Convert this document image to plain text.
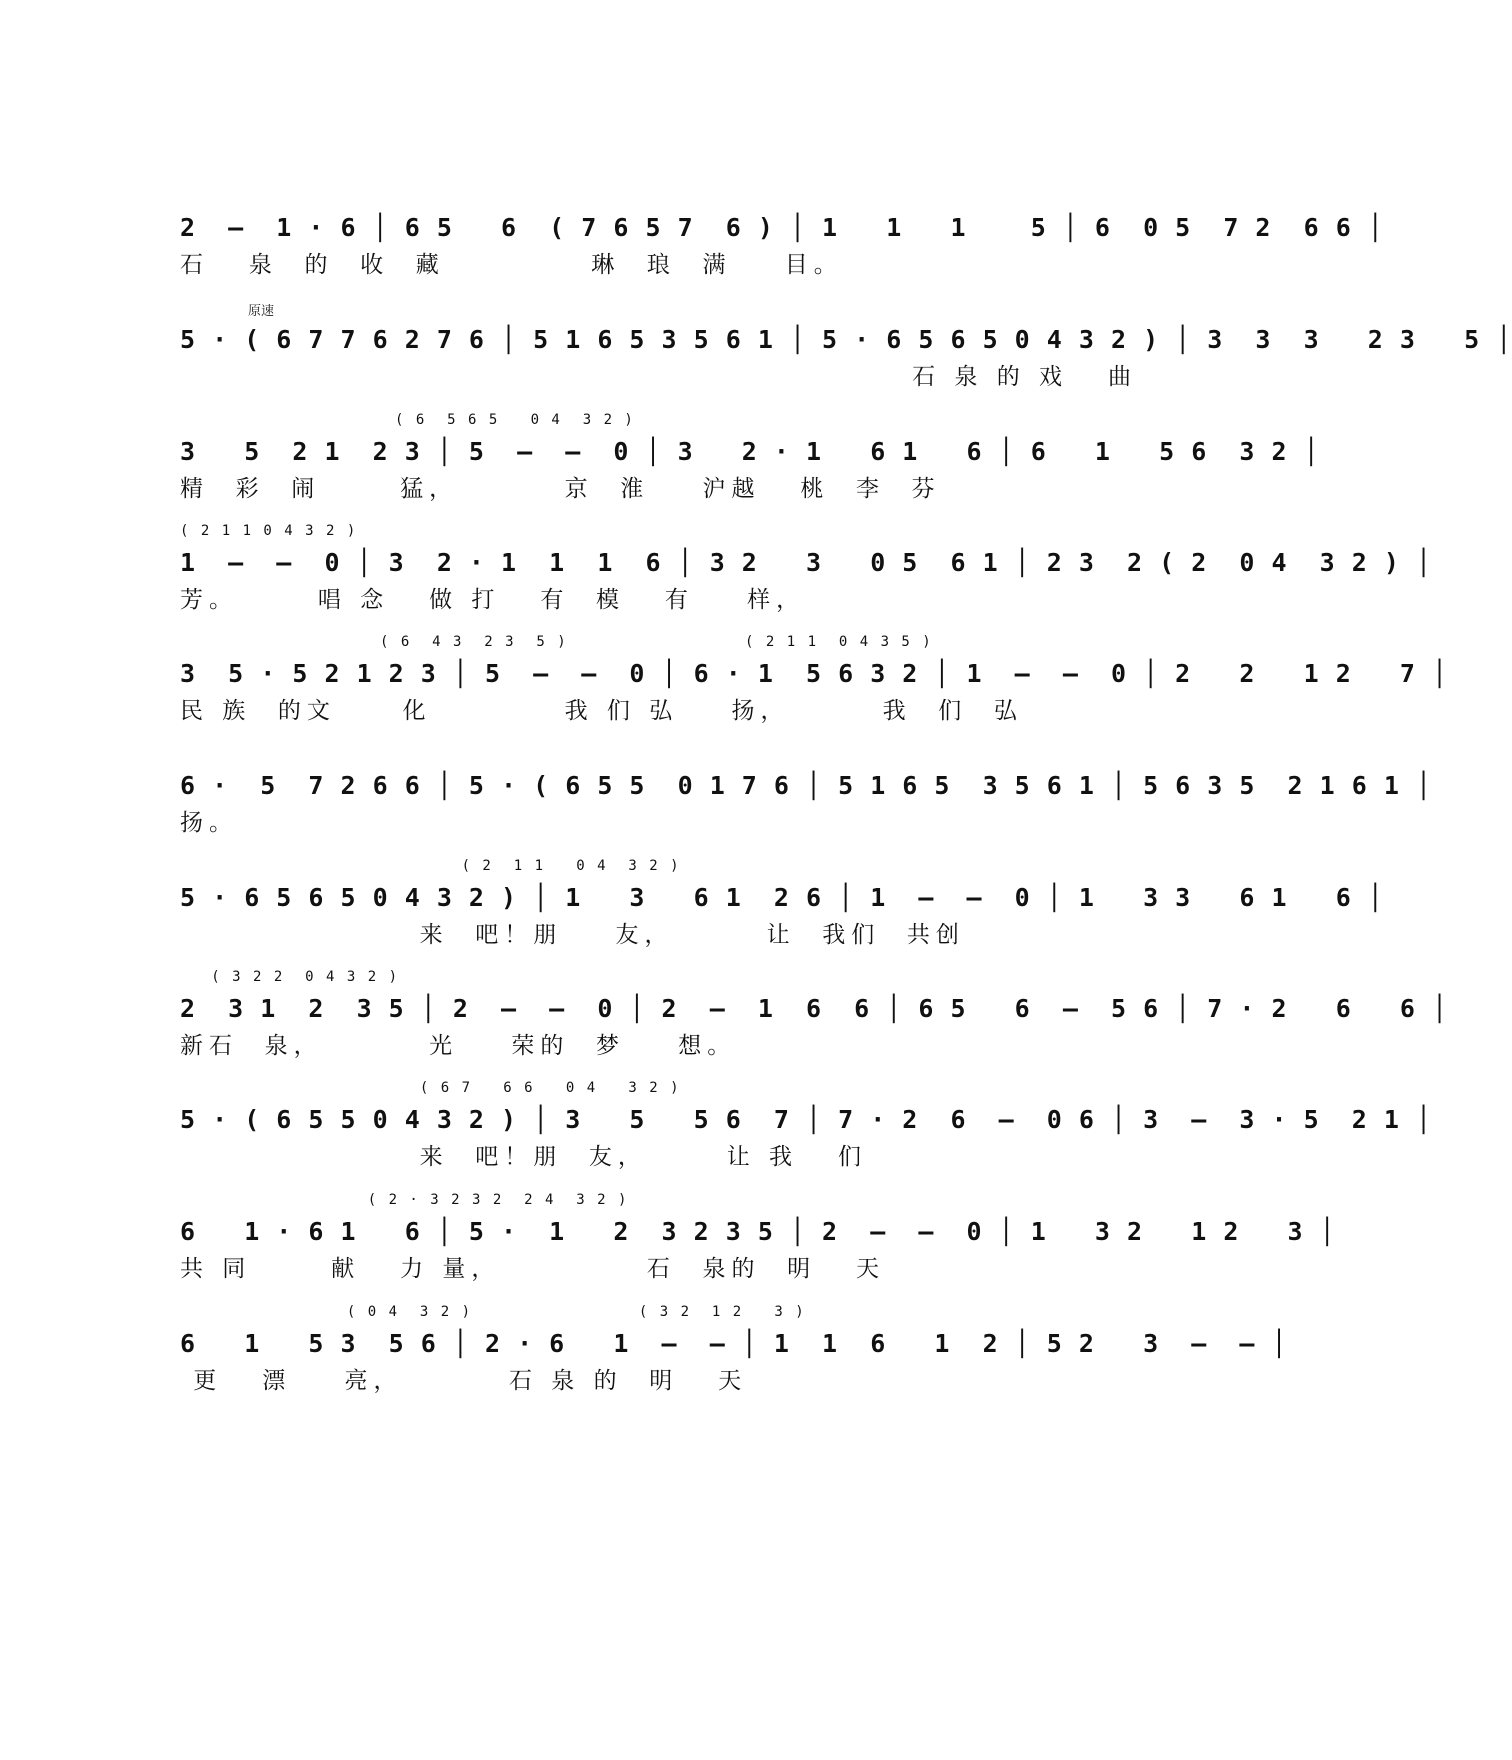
2  –  1 · 6 │ 6 5   6  ( 7 6 5 7  6 ) │ 1   1   1    5 │ 6  0 5  7 2  6 6 │
石   泉  的  收  藏           琳  琅  满    目。
原速
5 · ( 6 7 7 6 2 7 6 │ 5 1 6 5 3 5 6 1 │ 5 · 6 5 6 5 0 4 3 2 ) │ 3  3  3   2 3   5 │
石 泉 的 戏   曲
( 6  5 6 5   0 4  3 2 )
3   5  2 1  2 3 │ 5  –  –  0 │ 3   2 · 1   6 1   6 │ 6   1   5 6  3 2 │
精  彩  闹      猛，        京  淮    沪越   桃  李  芬
( 2 1 1 0 4 3 2 )
1  –  –  0 │ 3  2 · 1  1  1  6 │ 3 2   3   0 5  6 1 │ 2 3  2 ( 2  0 4  3 2 ) │
芳。      唱 念   做 打   有  模   有    样，
( 6  4 3  2 3  5 )                 ( 2 1 1  0 4 3 5 )
3  5 · 5 2 1 2 3 │ 5  –  –  0 │ 6 · 1  5 6 3 2 │ 1  –  –  0 │ 2   2   1 2   7 │
民 族  的文     化          我 们 弘    扬，       我  们  弘
6 ·  5  7 2 6 6 │ 5 · ( 6 5 5  0 1 7 6 │ 5 1 6 5  3 5 6 1 │ 5 6 3 5  2 1 6 1 │
扬。
( 2  1 1   0 4  3 2 )
5 · 6 5 6 5 0 4 3 2 ) │ 1   3   6 1  2 6 │ 1  –  –  0 │ 1   3 3   6 1   6 │
来  吧！朋    友，       让  我们  共创
( 3 2 2  0 4 3 2 )
2  3 1  2  3 5 │ 2  –  –  0 │ 2  –  1  6  6 │ 6 5   6  –  5 6 │ 7 · 2   6   6 │
新石  泉，        光    荣的  梦    想。
( 6 7   6 6   0 4   3 2 )
5 · ( 6 5 5 0 4 3 2 ) │ 3   5   5 6  7 │ 7 · 2  6  –  0 6 │ 3  –  3 · 5  2 1 │
来  吧！朋  友，      让 我   们
( 2 · 3 2 3 2  2 4  3 2 )
6   1 · 6 1   6 │ 5 ·  1   2  3 2 3 5 │ 2  –  –  0 │ 1   3 2   1 2   3 │
共 同      献   力 量，           石  泉的  明   天
( 0 4  3 2 )                ( 3 2  1 2   3 )
6   1   5 3  5 6 │ 2 · 6   1  –  – │ 1  1  6   1  2 │ 5 2   3  –  – │
更   漂    亮，        石 泉 的  明   天
